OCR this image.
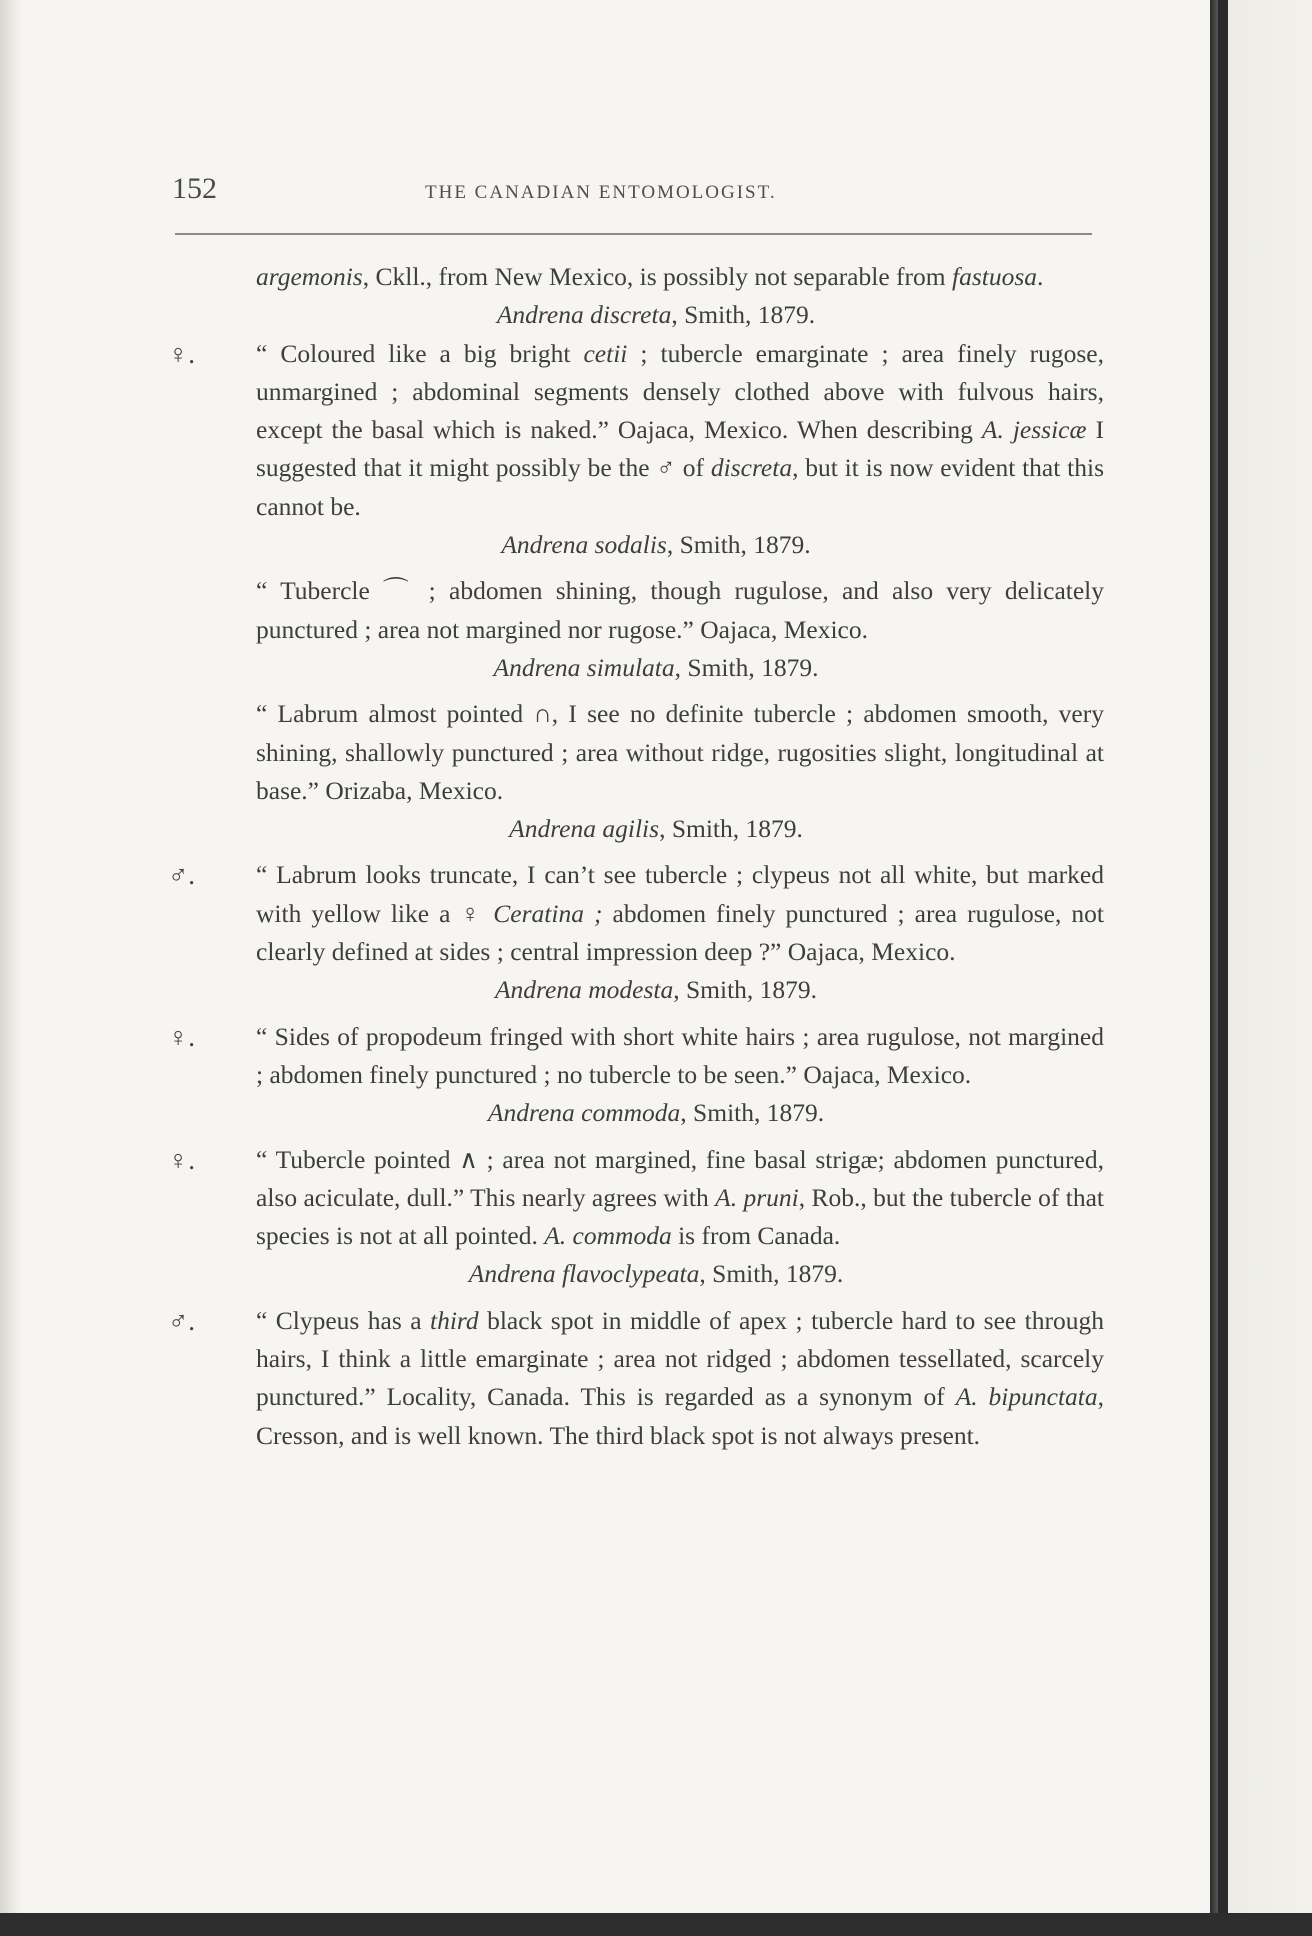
152	THE CANADIAN ENTOMOLOGIST.
argemonis, Ckll., from New Mexico, is possibly not separable from fastuosa.
Andrena discreta, Smith, 1879.
♀.	“ Coloured like a big bright cetii ; tubercle emarginate ; area finely rugose, unmargined ; abdominal segments densely clothed above with fulvous hairs, except the basal which is naked.” Oajaca, Mexico. When describing A. jessicæ I suggested that it might possibly be the ♂ of discreta, but it is now evident that this cannot be.
Andrena sodalis, Smith, 1879.
“ Tubercle ⌒ ; abdomen shining, though rugulose, and also very delicately punctured ; area not margined nor rugose.” Oajaca, Mexico.
Andrena simulata, Smith, 1879.
“ Labrum almost pointed ∩, I see no definite tubercle ; abdomen smooth, very shining, shallowly punctured ; area without ridge, rugosities slight, longitudinal at base.” Orizaba, Mexico.
Andrena agilis, Smith, 1879.
♂.	“ Labrum looks truncate, I can’t see tubercle ; clypeus not all white, but marked with yellow like a ♀ Ceratina ; abdomen finely punctured ; area rugulose, not clearly defined at sides ; central impression deep ?” Oajaca, Mexico.
Andrena modesta, Smith, 1879.
♀.	“ Sides of propodeum fringed with short white hairs ; area rugulose, not margined ; abdomen finely punctured ; no tubercle to be seen.” Oajaca, Mexico.
Andrena commoda, Smith, 1879.
♀.	“ Tubercle pointed ∧ ; area not margined, fine basal strigæ; abdomen punctured, also aciculate, dull.” This nearly agrees with A. pruni, Rob., but the tubercle of that species is not at all pointed. A. commoda is from Canada.
Andrena flavoclypeata, Smith, 1879.
♂.	“ Clypeus has a third black spot in middle of apex ; tubercle hard to see through hairs, I think a little emarginate ; area not ridged ; abdomen tessellated, scarcely punctured.” Locality, Canada. This is regarded as a synonym of A. bipunctata, Cresson, and is well known. The third black spot is not always present.
